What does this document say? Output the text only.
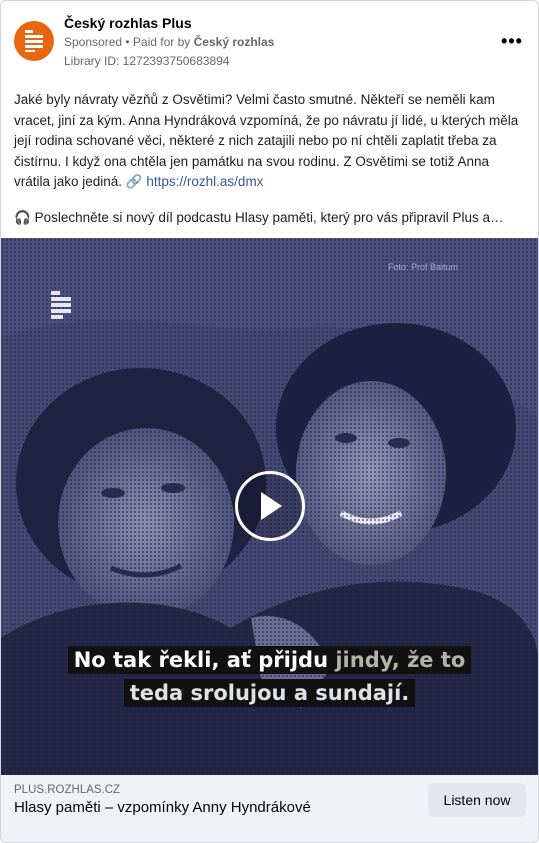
Český rozhlas Plus
Sponsored • Paid for by Český rozhlas
Library ID: 1272393750683894
•••
Jaké byly návraty vězňů z Osvětimi? Velmi často smutné. Někteří se neměli kam vracet, jiní za kým. Anna Hyndráková vzpomíná, že po návratu jí lidé, u kterých měla její rodina schované věci, některé z nich zatajili nebo po ní chtěli zaplatit třeba za čistírnu. I když ona chtěla jen památku na svou rodinu. Z Osvětimi se totiž Anna vrátila jako jediná. 🔗 https://rozhl.as/dmx
🎧 Poslechněte si nový díl podcastu Hlasy paměti, který pro vás připravil Plus a…
Foto: Prof Baitum
No tak řekli, ať přijdu jindy, že to
teda srolujou a sundají.
PLUS.ROZHLAS.CZ
Hlasy paměti – vzpomínky Anny Hyndrákové	Listen now
